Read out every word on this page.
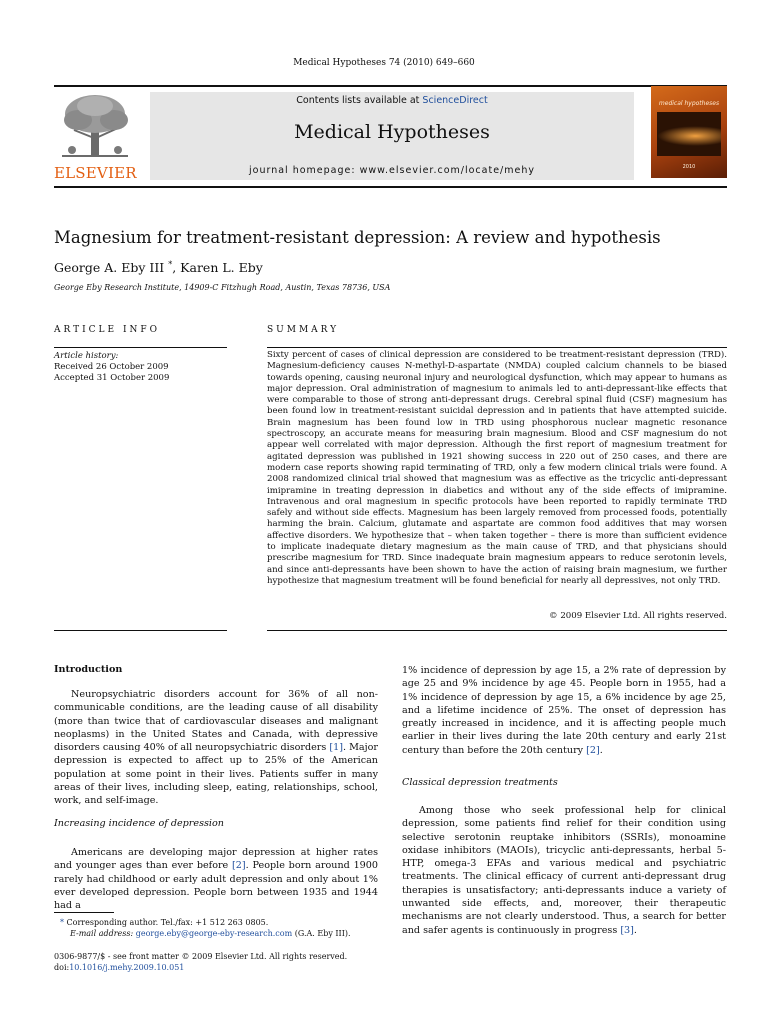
Medical Hypotheses 74 (2010) 649–660
ELSEVIER
Contents lists available at ScienceDirect
Medical Hypotheses
journal homepage: www.elsevier.com/locate/mehy
medical hypotheses
2010
Magnesium for treatment-resistant depression: A review and hypothesis
George A. Eby III *, Karen L. Eby
George Eby Research Institute, 14909-C Fitzhugh Road, Austin, Texas 78736, USA
ARTICLE INFO
Article history:
Received 26 October 2009
Accepted 31 October 2009
SUMMARY
Sixty percent of cases of clinical depression are considered to be treatment-resistant depression (TRD). Magnesium-deficiency causes N-methyl-D-aspartate (NMDA) coupled calcium channels to be biased towards opening, causing neuronal injury and neurological dysfunction, which may appear to humans as major depression. Oral administration of magnesium to animals led to anti-depressant-like effects that were comparable to those of strong anti-depressant drugs. Cerebral spinal fluid (CSF) magnesium has been found low in treatment-resistant suicidal depression and in patients that have attempted suicide. Brain magnesium has been found low in TRD using phosphorous nuclear magnetic resonance spectroscopy, an accurate means for measuring brain magnesium. Blood and CSF magnesium do not appear well correlated with major depression. Although the first report of magnesium treatment for agitated depression was published in 1921 showing success in 220 out of 250 cases, and there are modern case reports showing rapid terminating of TRD, only a few modern clinical trials were found. A 2008 randomized clinical trial showed that magnesium was as effective as the tricyclic anti-depressant imipramine in treating depression in diabetics and without any of the side effects of imipramine. Intravenous and oral magnesium in specific protocols have been reported to rapidly terminate TRD safely and without side effects. Magnesium has been largely removed from processed foods, potentially harming the brain. Calcium, glutamate and aspartate are common food additives that may worsen affective disorders. We hypothesize that – when taken together – there is more than sufficient evidence to implicate inadequate dietary magnesium as the main cause of TRD, and that physicians should prescribe magnesium for TRD. Since inadequate brain magnesium appears to reduce serotonin levels, and since anti-depressants have been shown to have the action of raising brain magnesium, we further hypothesize that magnesium treatment will be found beneficial for nearly all depressives, not only TRD.
© 2009 Elsevier Ltd. All rights reserved.
Introduction

Neuropsychiatric disorders account for 36% of all non-communicable conditions, are the leading cause of all disability (more than twice that of cardiovascular diseases and malignant neoplasms) in the United States and Canada, with depressive disorders causing 40% of all neuropsychiatric disorders [1]. Major depression is expected to affect up to 25% of the American population at some point in their lives. Patients suffer in many areas of their lives, including sleep, eating, relationships, school, work, and self-image.

Increasing incidence of depression

Americans are developing major depression at higher rates and younger ages than ever before [2]. People born around 1900 rarely had childhood or early adult depression and only about 1% ever developed depression. People born between 1935 and 1944 had a

1% incidence of depression by age 15, a 2% rate of depression by age 25 and 9% incidence by age 45. People born in 1955, had a 1% incidence of depression by age 15, a 6% incidence by age 25, and a lifetime incidence of 25%. The onset of depression has greatly increased in incidence, and it is affecting people much earlier in their lives during the late 20th century and early 21st century than before the 20th century [2].

Classical depression treatments

Among those who seek professional help for clinical depression, some patients find relief for their condition using selective serotonin reuptake inhibitors (SSRIs), monoamine oxidase inhibitors (MAOIs), tricyclic anti-depressants, herbal 5-HTP, omega-3 EFAs and various medical and psychiatric treatments. The clinical efficacy of current anti-depressant drug therapies is unsatisfactory; anti-depressants induce a variety of unwanted side effects, and, moreover, their therapeutic mechanisms are not clearly understood. Thus, a search for better and safer agents is continuously in progress [3].

* Corresponding author. Tel./fax: +1 512 263 0805.
E-mail address: george.eby@george-eby-research.com (G.A. Eby III).
0306-9877/$ - see front matter © 2009 Elsevier Ltd. All rights reserved.
doi:10.1016/j.mehy.2009.10.051
